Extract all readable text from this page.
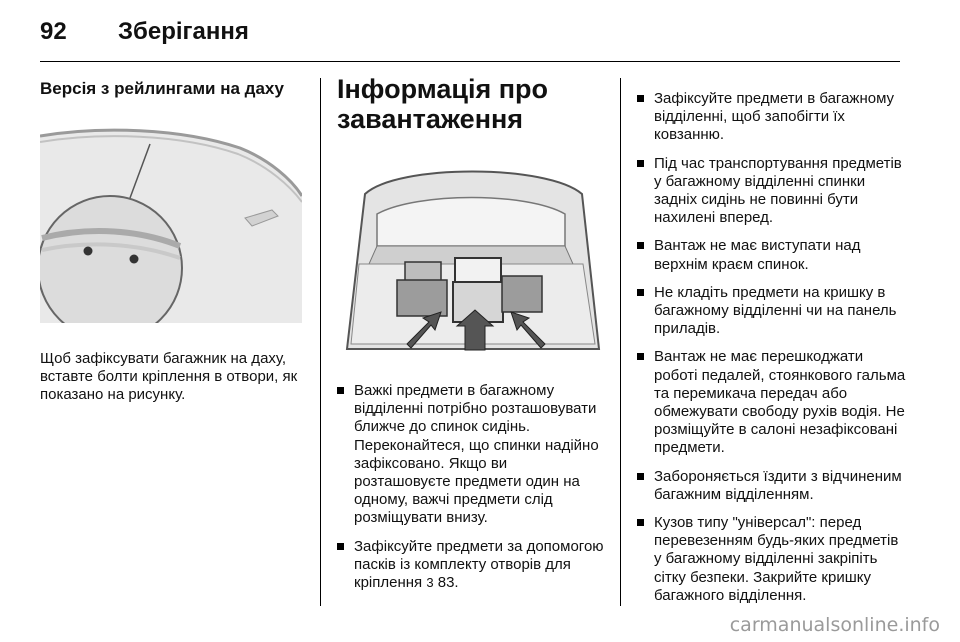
92 Зберігання
Версія з рейлингами на даху

Щоб зафіксувати багажник на даху, вставте болти кріплення в отвори, як показано на рисунку.

Інформація про
завантаження
Важкі предмети в багажному відділенні потрібно розташовувати ближче до спинок сидінь. Переконайтеся, що спинки надійно зафіксовано. Якщо ви розташовуєте предмети один на одному, важчі предмети слід розміщувати внизу.
Зафіксуйте предмети за допомогою пасків із комплекту отворів для кріплення 3 83.
Зафіксуйте предмети в багажному відділенні, щоб запобігти їх ковзанню.
Під час транспортування предметів у багажному відділенні спинки задніх сидінь не повинні бути нахилені вперед.
Вантаж не має виступати над верхнім краєм спинок.
Не кладіть предмети на кришку в багажному відділенні чи на панель приладів.
Вантаж не має перешкоджати роботі педалей, стоянкового гальма та перемикача передач або обмежувати свободу рухів водія. Не розміщуйте в салоні незафіксовані предмети.
Забороняється їздити з відчиненим багажним відділенням.
Кузов типу "універсал": перед перевезенням будь-яких предметів у багажному відділенні закріпіть сітку безпеки. Закрийте кришку багажного відділення.
carmanualsonline.info
